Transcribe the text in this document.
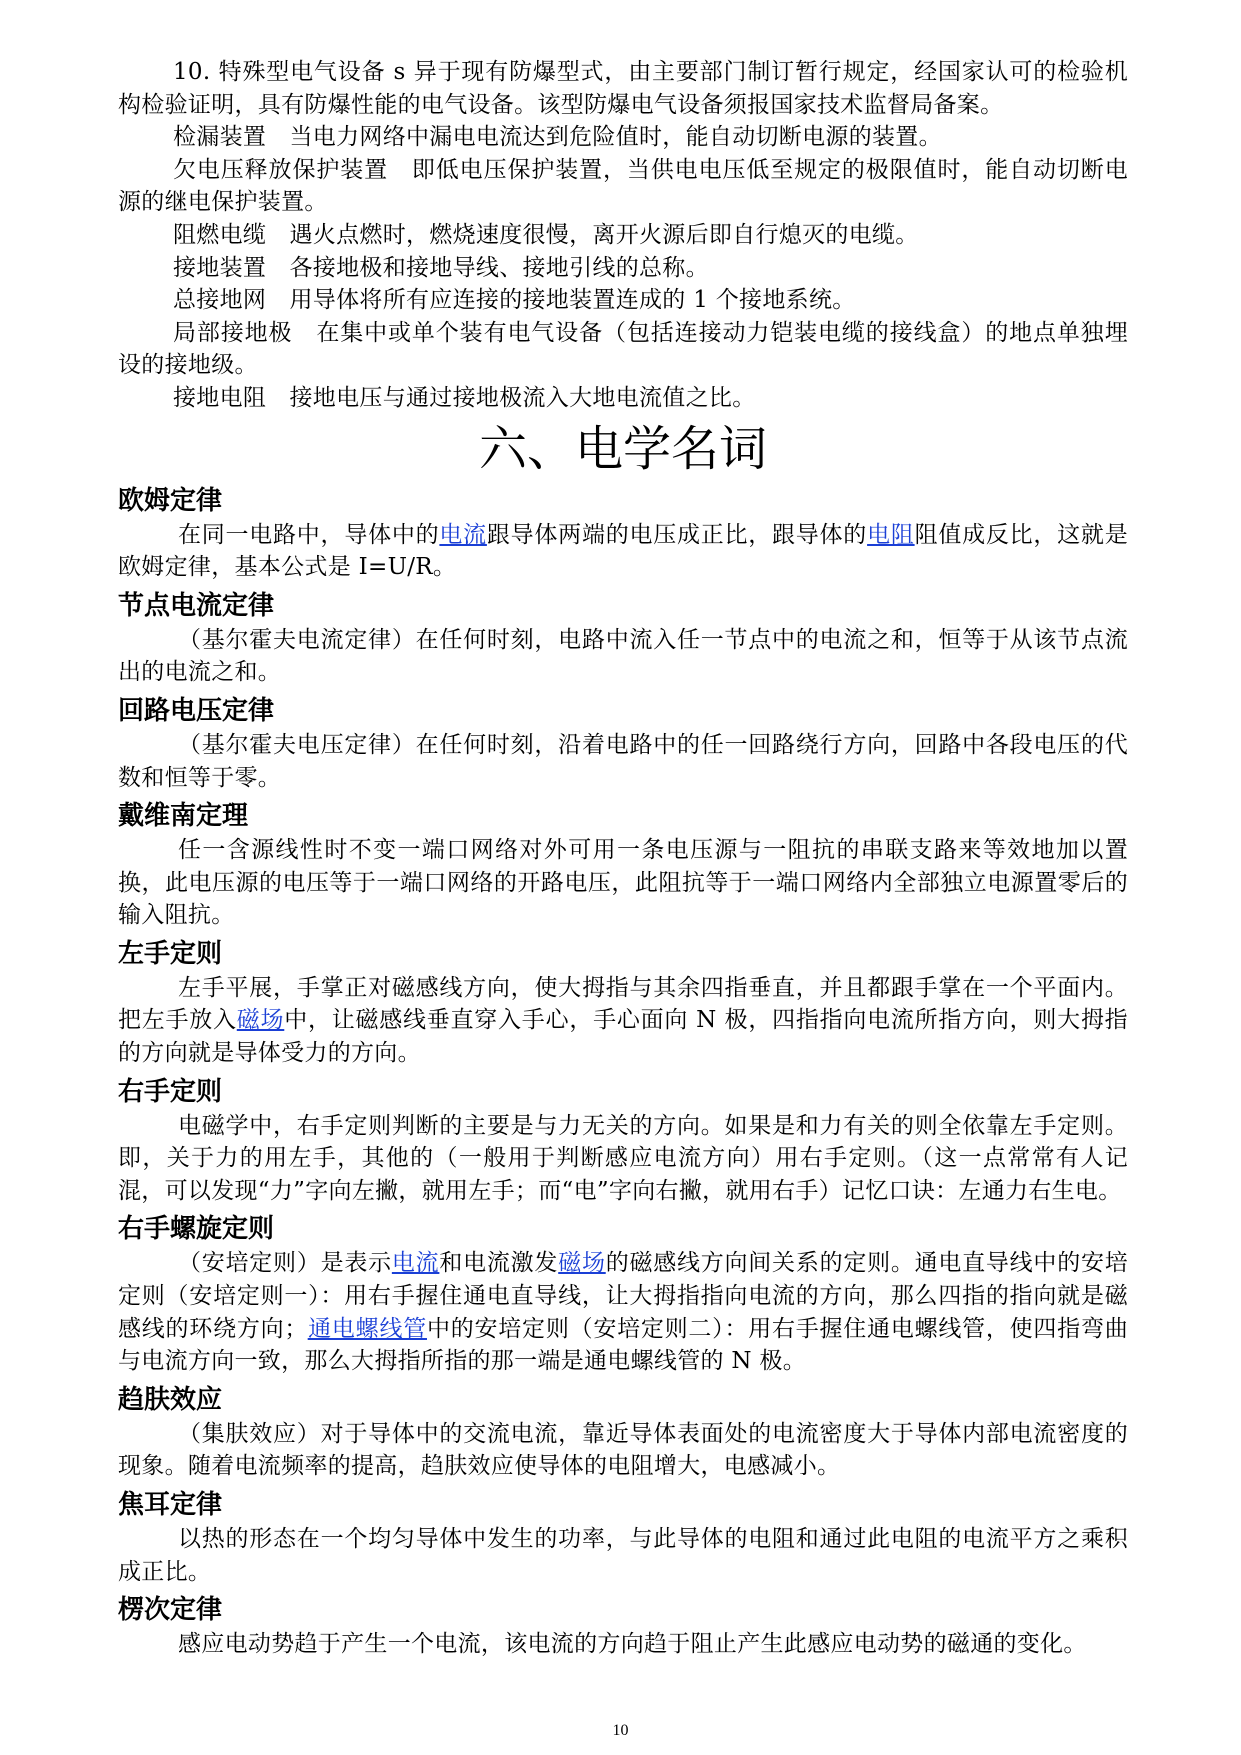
10. 特殊型电气设备 s 异于现有防爆型式，由主要部门制订暂行规定，经国家认可的检验机构检验证明，具有防爆性能的电气设备。该型防爆电气设备须报国家技术监督局备案。

检漏装置　当电力网络中漏电电流达到危险值时，能自动切断电源的装置。

欠电压释放保护装置　即低电压保护装置，当供电电压低至规定的极限值时，能自动切断电源的继电保护装置。

阻燃电缆　遇火点燃时，燃烧速度很慢，离开火源后即自行熄灭的电缆。

接地装置　各接地极和接地导线、接地引线的总称。

总接地网　用导体将所有应连接的接地装置连成的 1 个接地系统。

局部接地极　在集中或单个装有电气设备（包括连接动力铠装电缆的接线盒）的地点单独埋设的接地级。

接地电阻　接地电压与通过接地极流入大地电流值之比。

六、电学名词
欧姆定律

在同一电路中，导体中的电流跟导体两端的电压成正比，跟导体的电阻阻值成反比，这就是欧姆定律，基本公式是 I=U/R。

节点电流定律

（基尔霍夫电流定律）在任何时刻，电路中流入任一节点中的电流之和，恒等于从该节点流出的电流之和。

回路电压定律

（基尔霍夫电压定律）在任何时刻，沿着电路中的任一回路绕行方向，回路中各段电压的代数和恒等于零。

戴维南定理

任一含源线性时不变一端口网络对外可用一条电压源与一阻抗的串联支路来等效地加以置换，此电压源的电压等于一端口网络的开路电压，此阻抗等于一端口网络内全部独立电源置零后的输入阻抗。

左手定则

左手平展，手掌正对磁感线方向，使大拇指与其余四指垂直，并且都跟手掌在一个平面内。把左手放入磁场中，让磁感线垂直穿入手心，手心面向 N 极，四指指向电流所指方向，则大拇指的方向就是导体受力的方向。

右手定则

电磁学中，右手定则判断的主要是与力无关的方向。如果是和力有关的则全依靠左手定则。即，关于力的用左手，其他的（一般用于判断感应电流方向）用右手定则。（这一点常常有人记混，可以发现“力”字向左撇，就用左手；而“电”字向右撇，就用右手）记忆口诀：左通力右生电。

右手螺旋定则

（安培定则）是表示电流和电流激发磁场的磁感线方向间关系的定则。通电直导线中的安培定则（安培定则一）：用右手握住通电直导线，让大拇指指向电流的方向，那么四指的指向就是磁感线的环绕方向；通电螺线管中的安培定则（安培定则二）：用右手握住通电螺线管，使四指弯曲与电流方向一致，那么大拇指所指的那一端是通电螺线管的 N 极。

趋肤效应

（集肤效应）对于导体中的交流电流，靠近导体表面处的电流密度大于导体内部电流密度的现象。随着电流频率的提高，趋肤效应使导体的电阻增大，电感减小。

焦耳定律

以热的形态在一个均匀导体中发生的功率，与此导体的电阻和通过此电阻的电流平方之乘积成正比。

楞次定律

感应电动势趋于产生一个电流，该电流的方向趋于阻止产生此感应电动势的磁通的变化。

10
